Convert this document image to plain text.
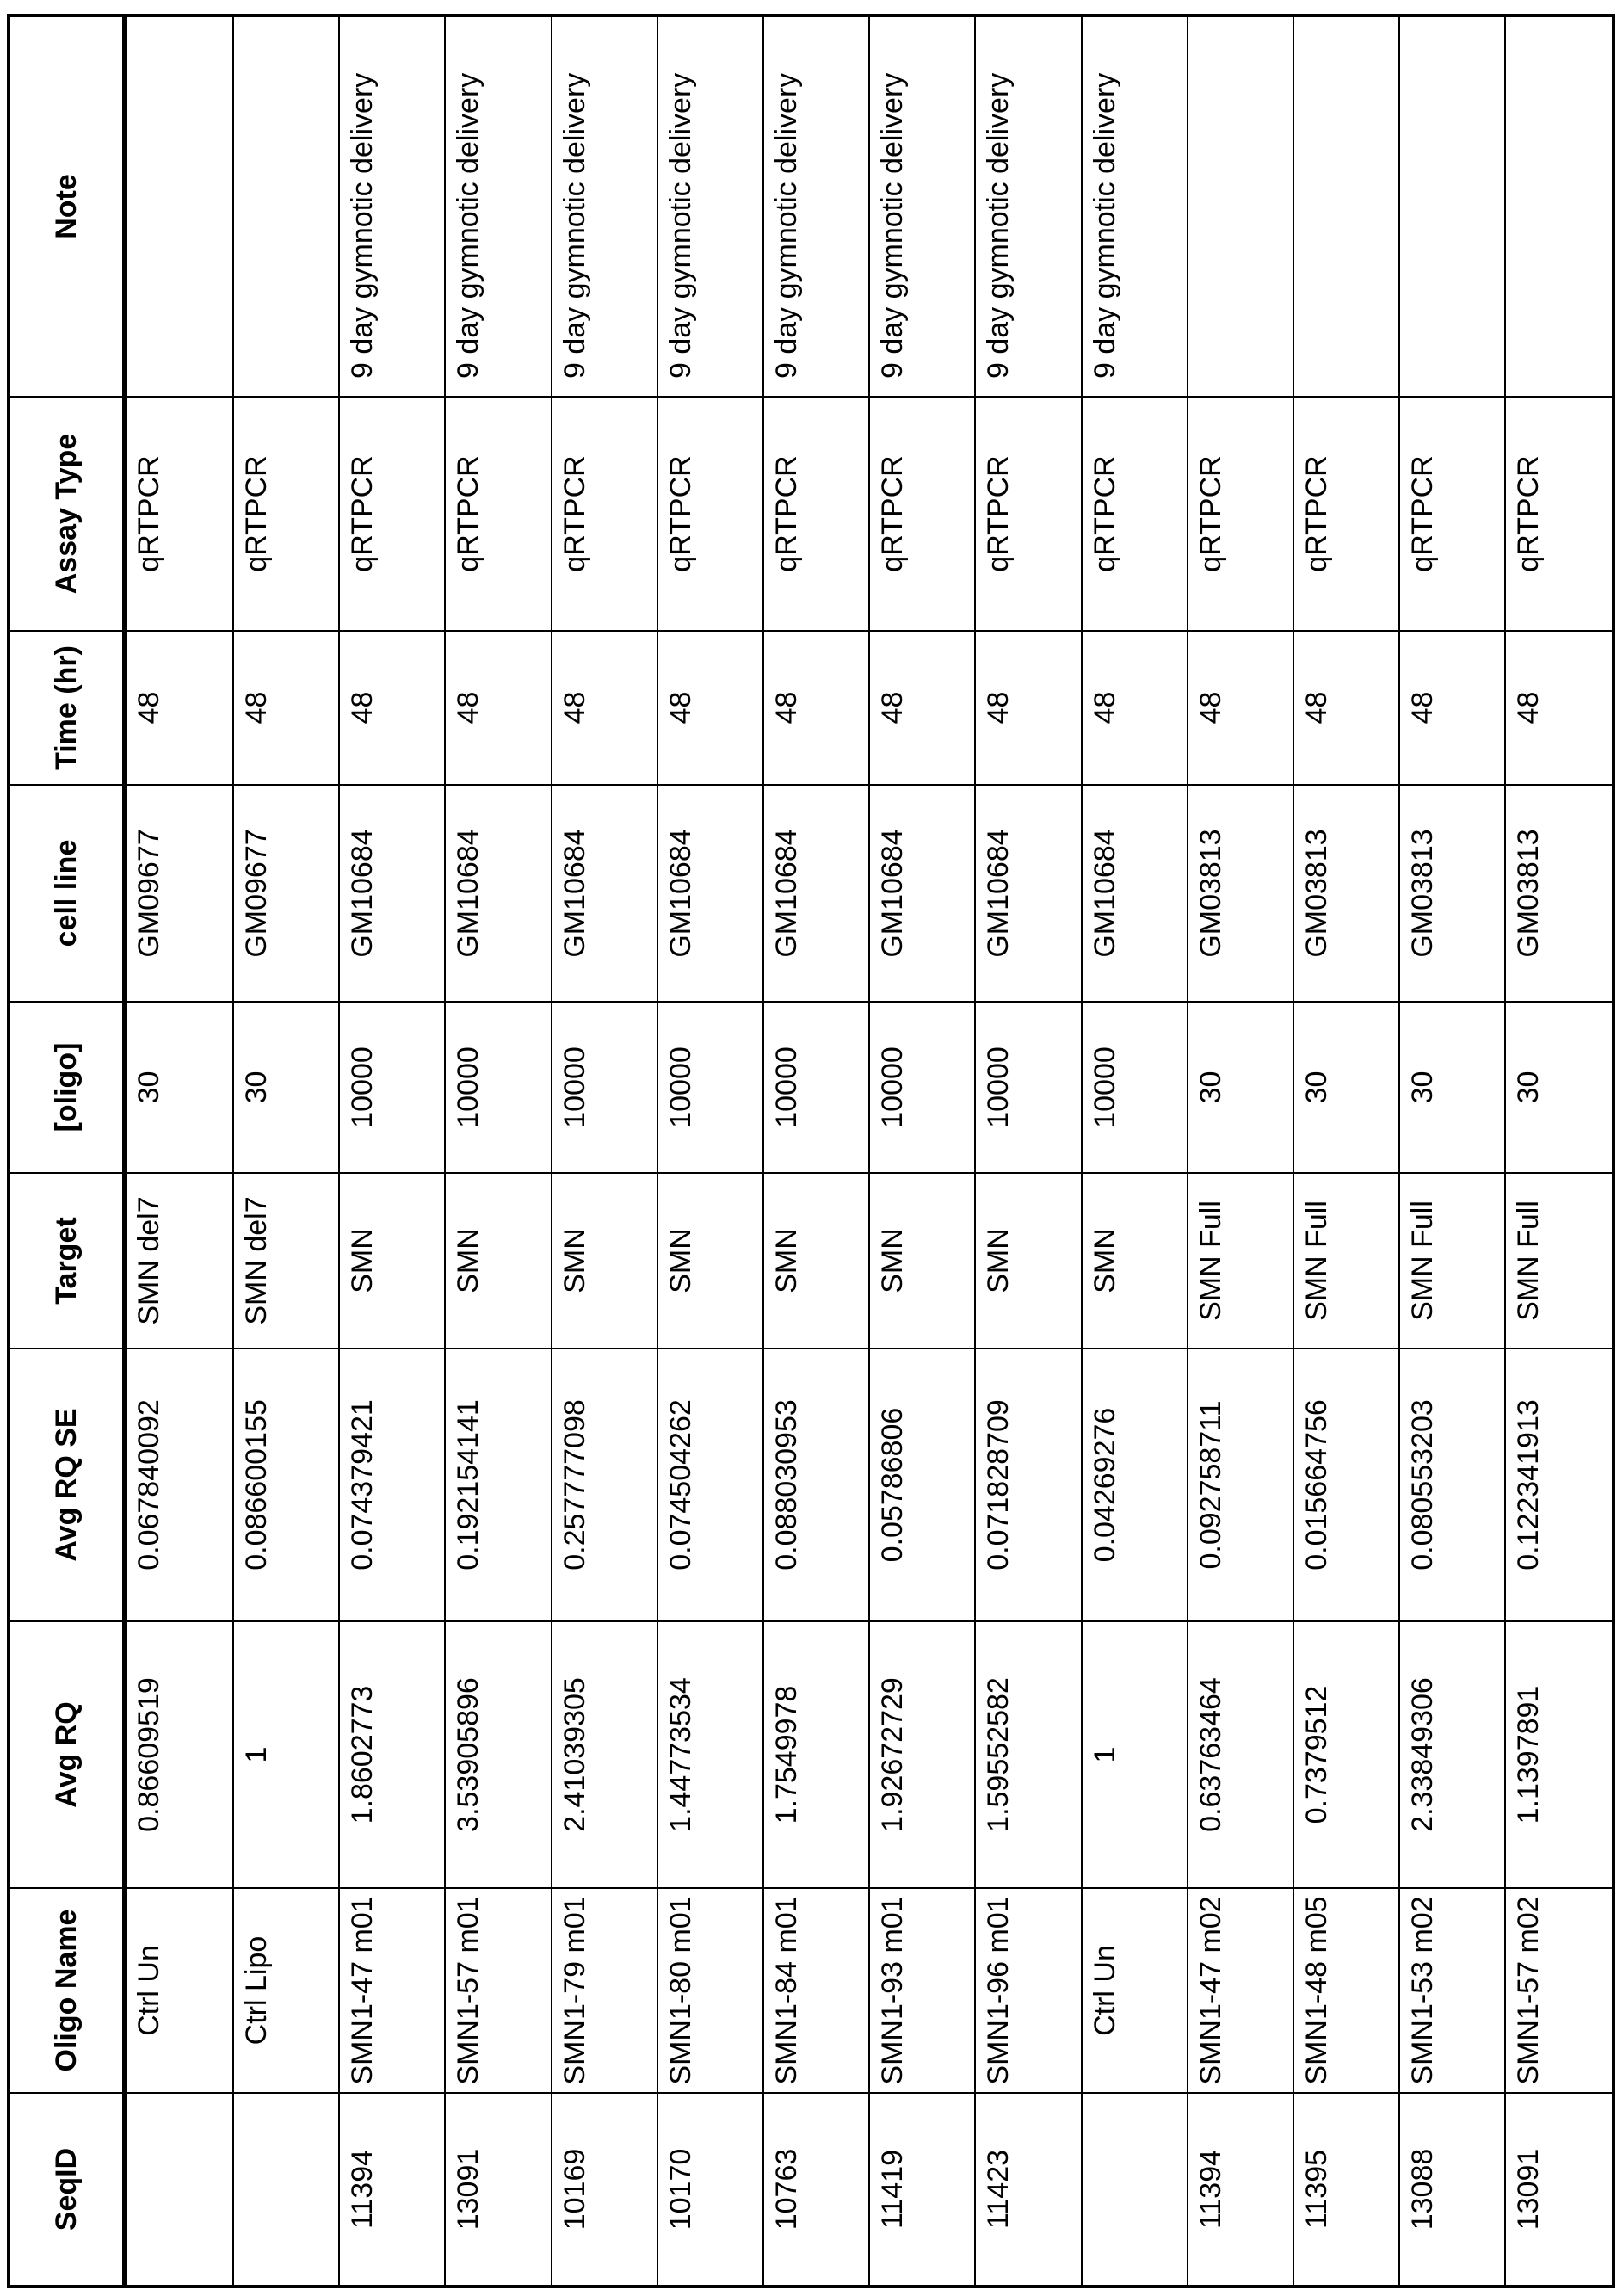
SeqID	Oligo Name	Avg RQ	Avg RQ SE	Target	[oligo]	cell line	Time (hr)	Assay Type	Note
	Ctrl Un	0.86609519	0.067840092	SMN del7	30	GM09677	48	qRTPCR	
	Ctrl Lipo	1	0.086600155	SMN del7	30	GM09677	48	qRTPCR	
11394	SMN1-47 m01	1.8602773	0.074379421	SMN	10000	GM10684	48	qRTPCR	9 day gymnotic delivery
13091	SMN1-57 m01	3.53905896	0.192154141	SMN	10000	GM10684	48	qRTPCR	9 day gymnotic delivery
10169	SMN1-79 m01	2.41039305	0.257777098	SMN	10000	GM10684	48	qRTPCR	9 day gymnotic delivery
10170	SMN1-80 m01	1.44773534	0.074504262	SMN	10000	GM10684	48	qRTPCR	9 day gymnotic delivery
10763	SMN1-84 m01	1.7549978	0.088030953	SMN	10000	GM10684	48	qRTPCR	9 day gymnotic delivery
11419	SMN1-93 m01	1.92672729	0.05786806	SMN	10000	GM10684	48	qRTPCR	9 day gymnotic delivery
11423	SMN1-96 m01	1.59552582	0.071828709	SMN	10000	GM10684	48	qRTPCR	9 day gymnotic delivery
	Ctrl Un	1	0.04269276	SMN	10000	GM10684	48	qRTPCR	9 day gymnotic delivery
11394	SMN1-47 m02	0.63763464	0.092758711	SMN Full	30	GM03813	48	qRTPCR	
11395	SMN1-48 m05	0.7379512	0.015664756	SMN Full	30	GM03813	48	qRTPCR	
13088	SMN1-53 m02	2.33849306	0.080553203	SMN Full	30	GM03813	48	qRTPCR	
13091	SMN1-57 m02	1.1397891	0.122341913	SMN Full	30	GM03813	48	qRTPCR	
